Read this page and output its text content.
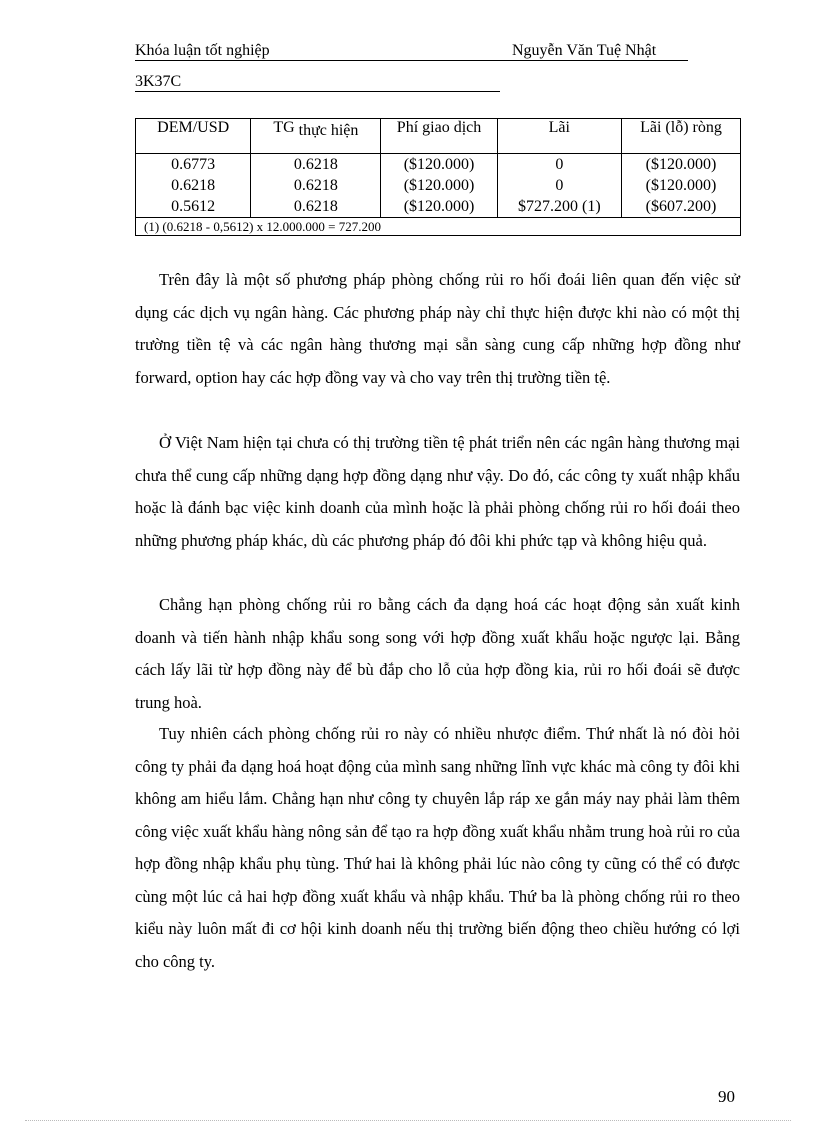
Khóa luận tốt nghiệp	Nguyễn Văn Tuệ Nhật
3K37C
DEM/USD	TG thực hiện	Phí giao dịch	Lãi	Lãi (lỗ) ròng
0.6773	0.6218	($120.000)	0	($120.000)
0.6218	0.6218	($120.000)	0	($120.000)
0.5612	0.6218	($120.000)	$727.200 (1)	($607.200)
(1) (0.6218 - 0,5612) x 12.000.000 = 727.200				

Trên đây là một số phương pháp phòng chống rủi ro hối đoái liên quan đến việc sử dụng các dịch vụ ngân hàng. Các phương pháp này chỉ thực hiện được khi nào có một thị trường tiền tệ và các ngân hàng thương mại sẵn sàng cung cấp những hợp đồng như forward, option hay các hợp đồng vay và cho vay trên thị trường tiền tệ.

Ở Việt Nam hiện tại chưa có thị trường tiền tệ phát triển nên các ngân hàng thương mại chưa thể cung cấp những dạng hợp đồng dạng như vậy. Do đó, các công ty xuất nhập khẩu hoặc là đánh bạc việc kinh doanh của mình hoặc là phải phòng chống rủi ro hối đoái theo những phương pháp khác, dù các phương pháp đó đôi khi phức tạp và không hiệu quả.

Chẳng hạn phòng chống rủi ro bằng cách đa dạng hoá các hoạt động sản xuất kinh doanh và tiến hành nhập khẩu song song với hợp đồng xuất khẩu hoặc ngược lại. Bằng cách lấy lãi từ hợp đồng này để bù đắp cho lỗ của hợp đồng kia, rủi ro hối đoái sẽ được trung hoà.

Tuy nhiên cách phòng chống rủi ro này có nhiều nhược điểm. Thứ nhất là nó đòi hỏi công ty phải đa dạng hoá hoạt động của mình sang những lĩnh vực khác mà công ty đôi khi không am hiểu lắm. Chẳng hạn như công ty chuyên lắp ráp xe gắn máy nay phải làm thêm công việc xuất khẩu hàng nông sản để tạo ra hợp đồng xuất khẩu nhằm trung hoà rủi ro của hợp đồng nhập khẩu phụ tùng. Thứ hai là không phải lúc nào công ty cũng có thể có được cùng một lúc cả hai hợp đồng xuất khẩu và nhập khẩu. Thứ ba là phòng chống rủi ro theo kiểu này luôn mất đi cơ hội kinh doanh nếu thị trường biến động theo chiều hướng có lợi cho công ty.

90
